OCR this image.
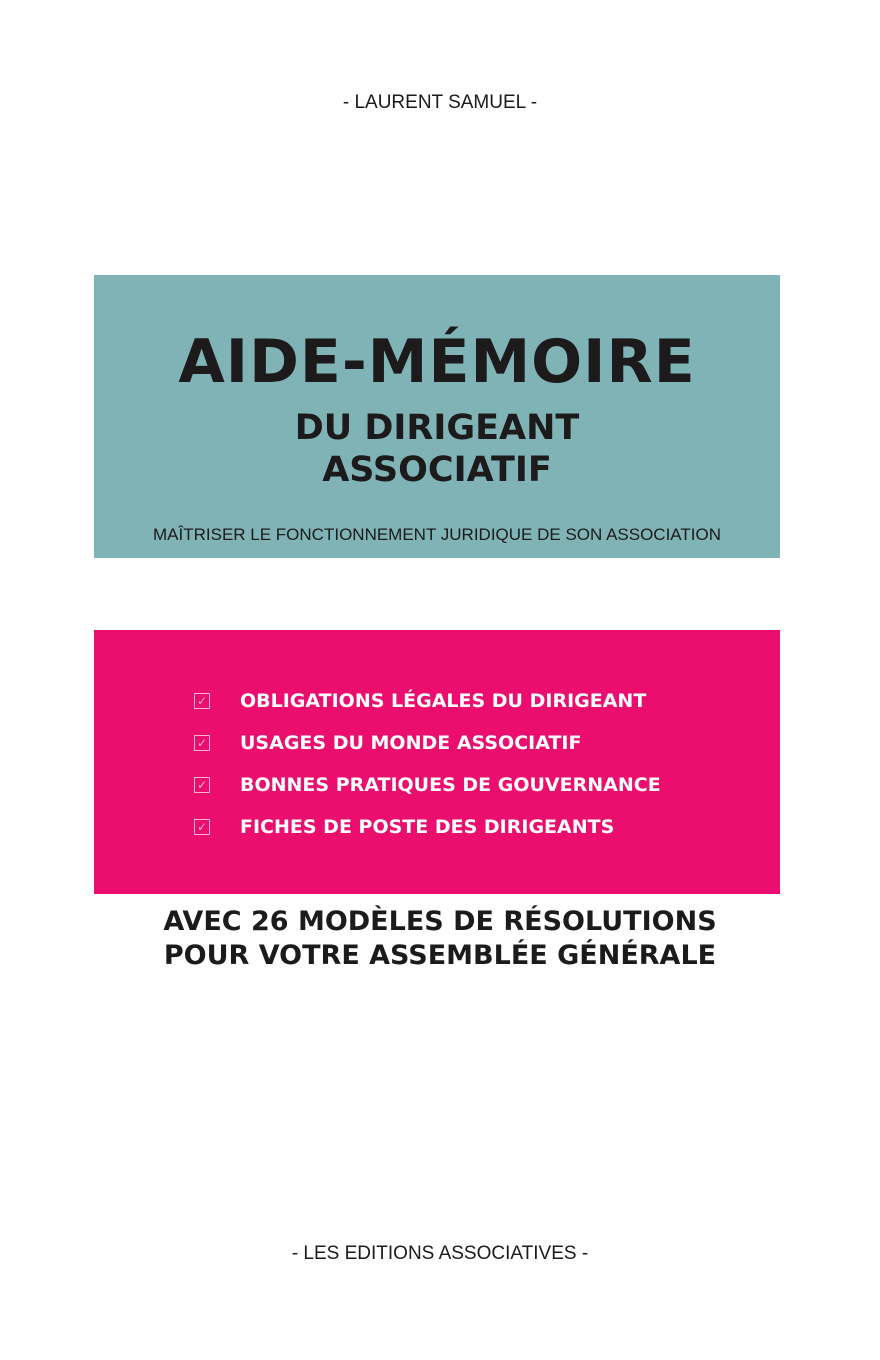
- LAURENT SAMUEL -
AIDE-MÉMOIRE
DU DIRIGEANT
ASSOCIATIF
MAÎTRISER LE FONCTIONNEMENT JURIDIQUE DE SON ASSOCIATION
✓ OBLIGATIONS LÉGALES DU DIRIGEANT
✓ USAGES DU MONDE ASSOCIATIF
✓ BONNES PRATIQUES DE GOUVERNANCE
✓ FICHES DE POSTE DES DIRIGEANTS
AVEC 26 MODÈLES DE RÉSOLUTIONS
POUR VOTRE ASSEMBLÉE GÉNÉRALE
- LES EDITIONS ASSOCIATIVES -
